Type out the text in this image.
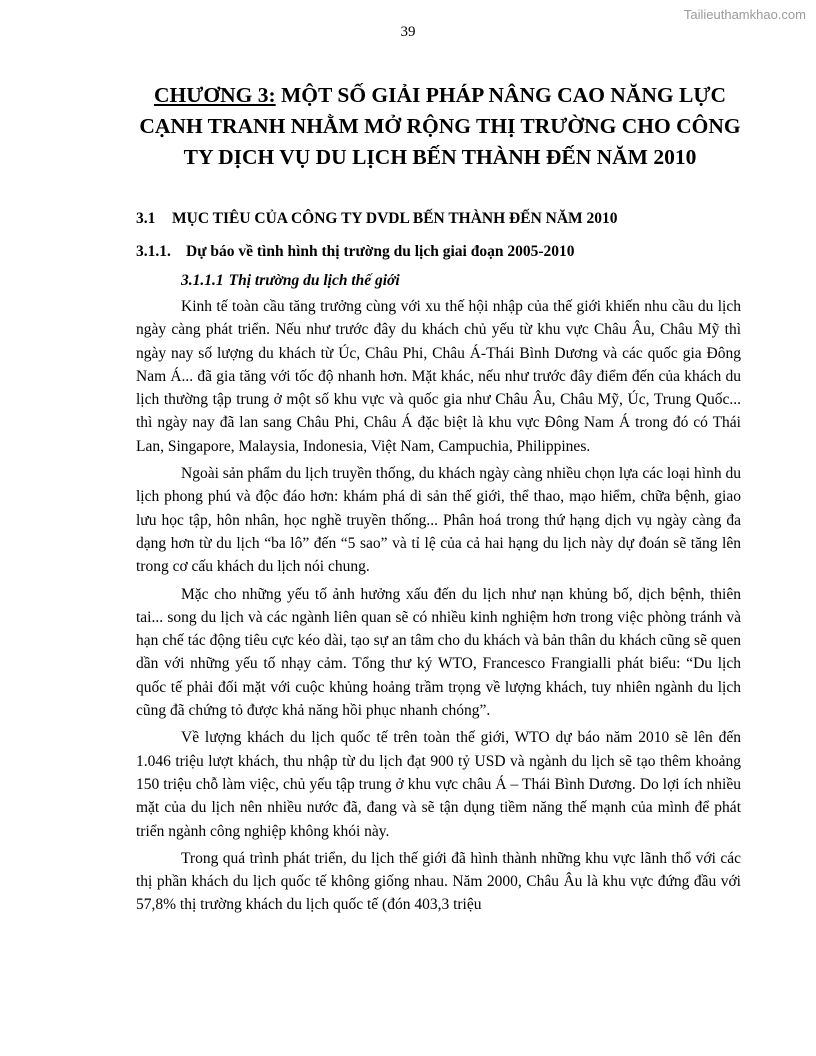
Tailieuthamkhao.com
39
CHƯƠNG 3: MỘT SỐ GIẢI PHÁP NÂNG CAO NĂNG LỰC
CẠNH TRANH NHẰM MỞ RỘNG THỊ TRƯỜNG CHO CÔNG
TY DỊCH VỤ DU LỊCH BẾN THÀNH ĐẾN NĂM 2010
3.1 MỤC TIÊU CỦA CÔNG TY DVDL BẾN THÀNH ĐẾN NĂM 2010
3.1.1. Dự báo về tình hình thị trường du lịch giai đoạn 2005-2010
3.1.1.1 Thị trường du lịch thế giới

Kinh tế toàn cầu tăng trưởng cùng với xu thế hội nhập của thế giới khiến nhu cầu du lịch ngày càng phát triển. Nếu như trước đây du khách chủ yếu từ khu vực Châu Âu, Châu Mỹ thì ngày nay số lượng du khách từ Úc, Châu Phi, Châu Á-Thái Bình Dương và các quốc gia Đông Nam Á... đã gia tăng với tốc độ nhanh hơn. Mặt khác, nếu như trước đây điểm đến của khách du lịch thường tập trung ở một số khu vực và quốc gia như Châu Âu, Châu Mỹ, Úc, Trung Quốc... thì ngày nay đã lan sang Châu Phi, Châu Á đặc biệt là khu vực Đông Nam Á trong đó có Thái Lan, Singapore, Malaysia, Indonesia, Việt Nam, Campuchia, Philippines.

Ngoài sản phẩm du lịch truyền thống, du khách ngày càng nhiều chọn lựa các loại hình du lịch phong phú và độc đáo hơn: khám phá di sản thế giới, thể thao, mạo hiểm, chữa bệnh, giao lưu học tập, hôn nhân, học nghề truyền thống... Phân hoá trong thứ hạng dịch vụ ngày càng đa dạng hơn từ du lịch “ba lô” đến “5 sao” và tỉ lệ của cả hai hạng du lịch này dự đoán sẽ tăng lên trong cơ cấu khách du lịch nói chung.

Mặc cho những yếu tố ảnh hưởng xấu đến du lịch như nạn khủng bố, dịch bệnh, thiên tai... song du lịch và các ngành liên quan sẽ có nhiều kinh nghiệm hơn trong việc phòng tránh và hạn chế tác động tiêu cực kéo dài, tạo sự an tâm cho du khách và bản thân du khách cũng sẽ quen dần với những yếu tố nhạy cảm. Tổng thư ký WTO, Francesco Frangialli phát biểu: “Du lịch quốc tế phải đối mặt với cuộc khủng hoảng trầm trọng về lượng khách, tuy nhiên ngành du lịch cũng đã chứng tỏ được khả năng hồi phục nhanh chóng”.

Về lượng khách du lịch quốc tế trên toàn thế giới, WTO dự báo năm 2010 sẽ lên đến 1.046 triệu lượt khách, thu nhập từ du lịch đạt 900 tỷ USD và ngành du lịch sẽ tạo thêm khoảng 150 triệu chỗ làm việc, chủ yếu tập trung ở khu vực châu Á – Thái Bình Dương. Do lợi ích nhiều mặt của du lịch nên nhiều nước đã, đang và sẽ tận dụng tiềm năng thế mạnh của mình để phát triển ngành công nghiệp không khói này.

Trong quá trình phát triển, du lịch thế giới đã hình thành những khu vực lãnh thổ với các thị phần khách du lịch quốc tế không giống nhau. Năm 2000, Châu Âu là khu vực đứng đầu với 57,8% thị trường khách du lịch quốc tế (đón 403,3 triệu
